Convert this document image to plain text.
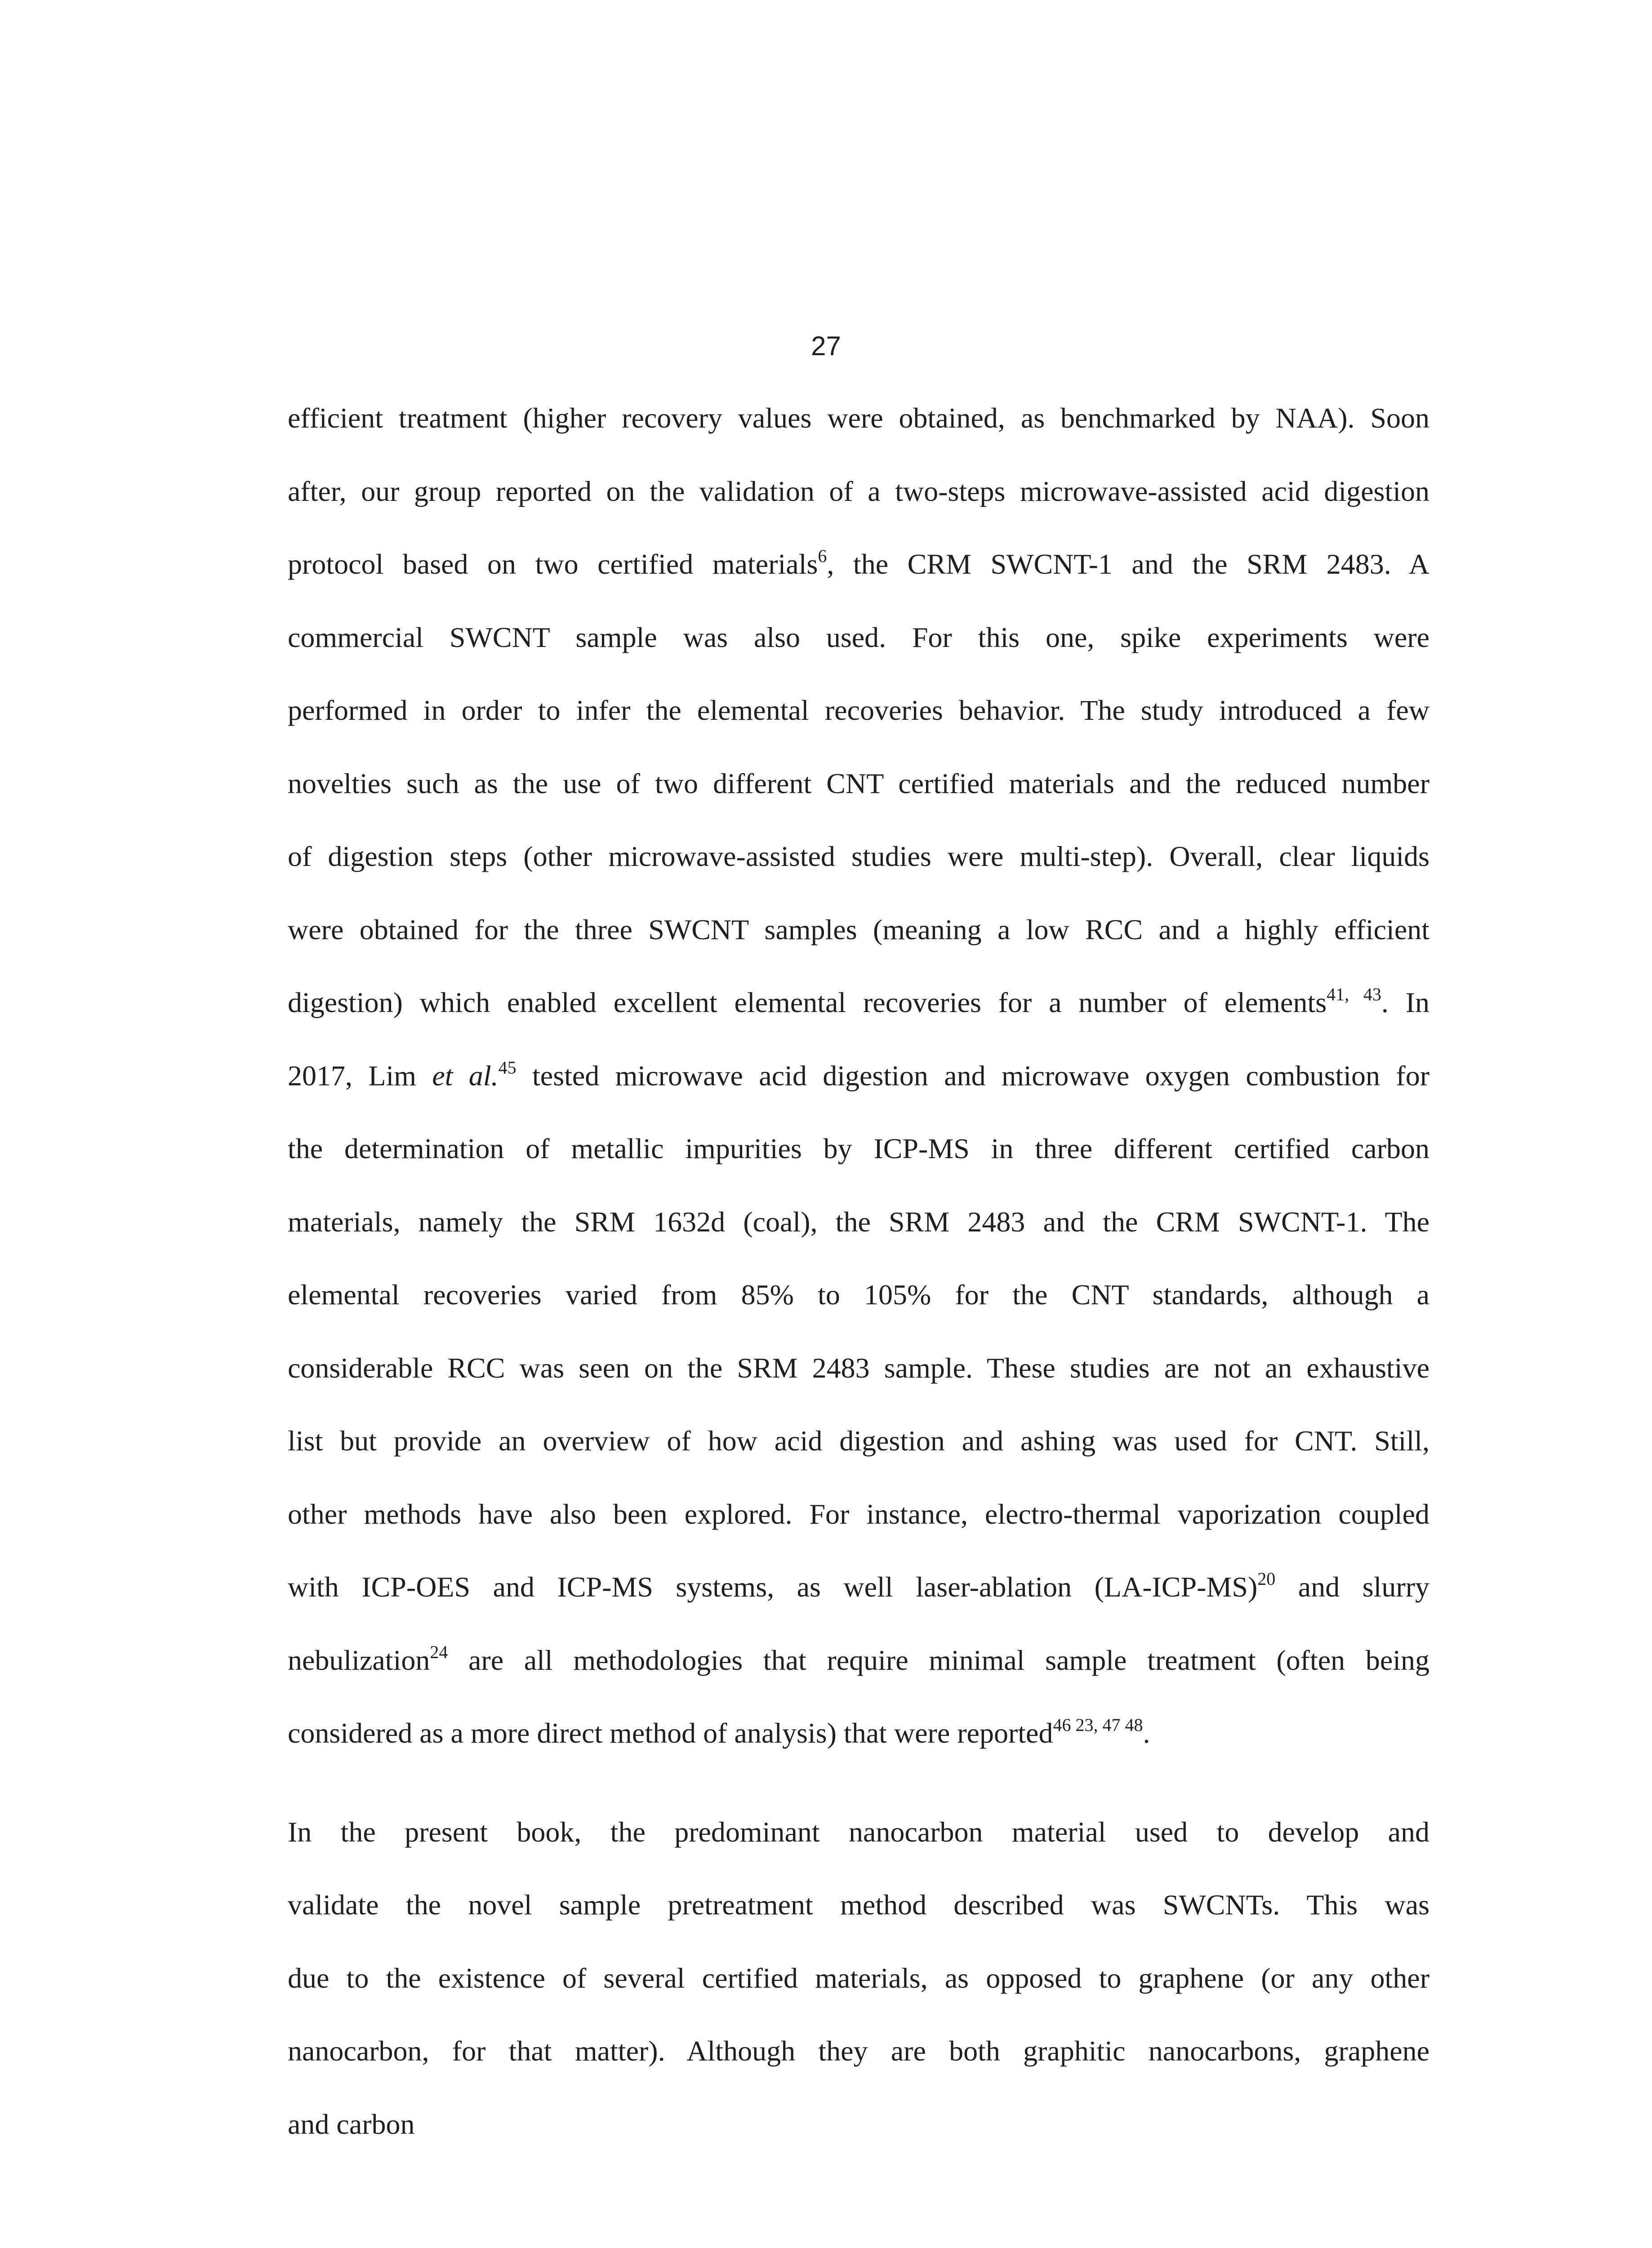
27
efficient treatment (higher recovery values were obtained, as benchmarked by NAA). Soon
after, our group reported on the validation of a two-steps microwave-assisted acid digestion
protocol based on two certified materials$^6$, the CRM SWCNT-1 and the SRM 2483. A
commercial SWCNT sample was also used. For this one, spike experiments were
performed in order to infer the elemental recoveries behavior. The study introduced a few
novelties such as the use of two different CNT certified materials and the reduced number
of digestion steps (other microwave-assisted studies were multi-step). Overall, clear liquids
were obtained for the three SWCNT samples (meaning a low RCC and a highly efficient
digestion) which enabled excellent elemental recoveries for a number of elements$^{41, 43}$. In
2017, Lim et al.$^{45}$ tested microwave acid digestion and microwave oxygen combustion for
the determination of metallic impurities by ICP-MS in three different certified carbon
materials, namely the SRM 1632d (coal), the SRM 2483 and the CRM SWCNT-1. The
elemental recoveries varied from 85% to 105% for the CNT standards, although a
considerable RCC was seen on the SRM 2483 sample. These studies are not an exhaustive
list but provide an overview of how acid digestion and ashing was used for CNT. Still,
other methods have also been explored. For instance, electro-thermal vaporization coupled
with ICP-OES and ICP-MS systems, as well laser-ablation $(LA-ICP-MS)^{20}$ and slurry
nebulization$^{24}$ are all methodologies that require minimal sample treatment (often being
considered as a more direct method of analysis) that were reported$^{46 23, 47 48}$.
In the present book, the predominant nanocarbon material used to develop and
validate the novel sample pretreatment method described was SWCNTs. This was
due to the existence of several certified materials, as opposed to graphene (or any other
nanocarbon, for that matter). Although they are both graphitic nanocarbons, graphene
and carbon
